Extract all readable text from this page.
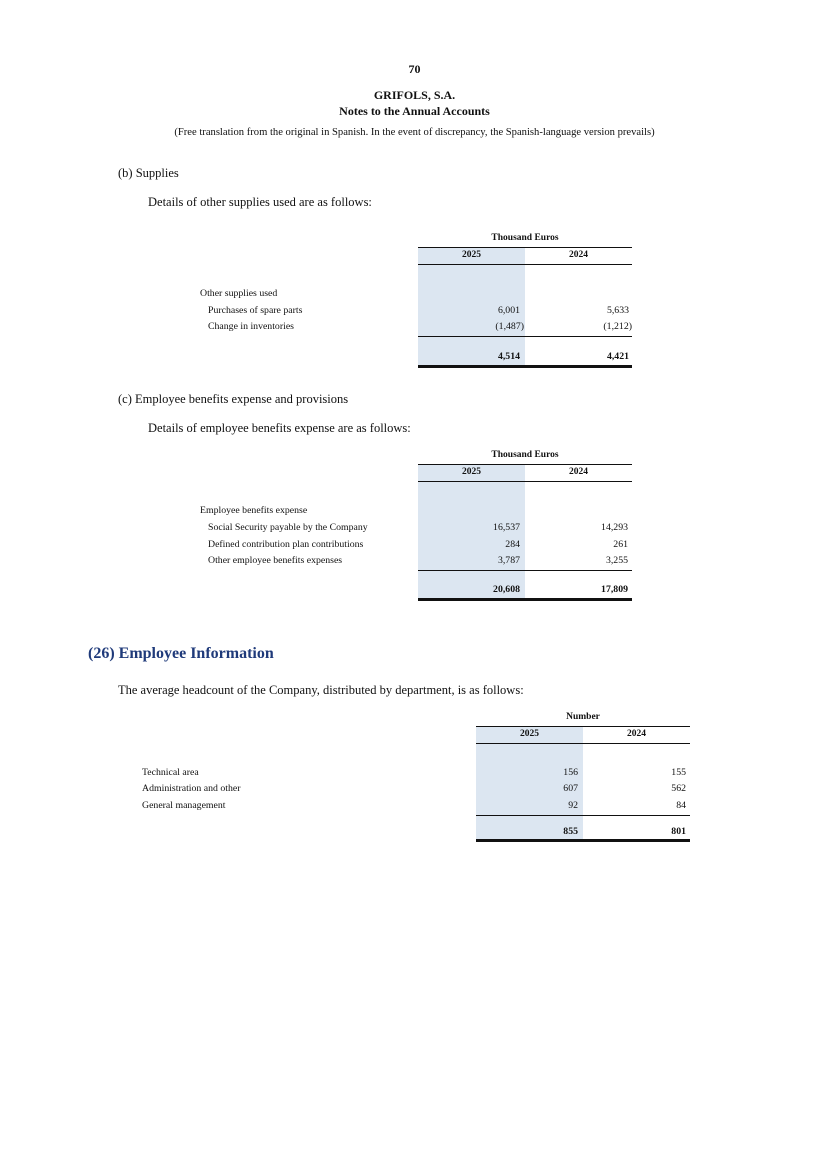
70
GRIFOLS, S.A.
Notes to the Annual Accounts
(Free translation from the original in Spanish. In the event of discrepancy, the Spanish-language version prevails)
(b) Supplies
Details of other supplies used are as follows:
Thousand Euros
2025	2024
Other supplies used
Purchases of spare parts	6,001	5,633
Change in inventories	(1,487)	(1,212)
4,514	4,421
(c) Employee benefits expense and provisions
Details of employee benefits expense are as follows:
Thousand Euros
2025	2024
Employee benefits expense
Social Security payable by the Company	16,537	14,293
Defined contribution plan contributions	284	261
Other employee benefits expenses	3,787	3,255
20,608	17,809
(26) Employee Information
The average headcount of the Company, distributed by department, is as follows:
Number
2025	2024
Technical area	156	155
Administration and other	607	562
General management	92	84
855	801
